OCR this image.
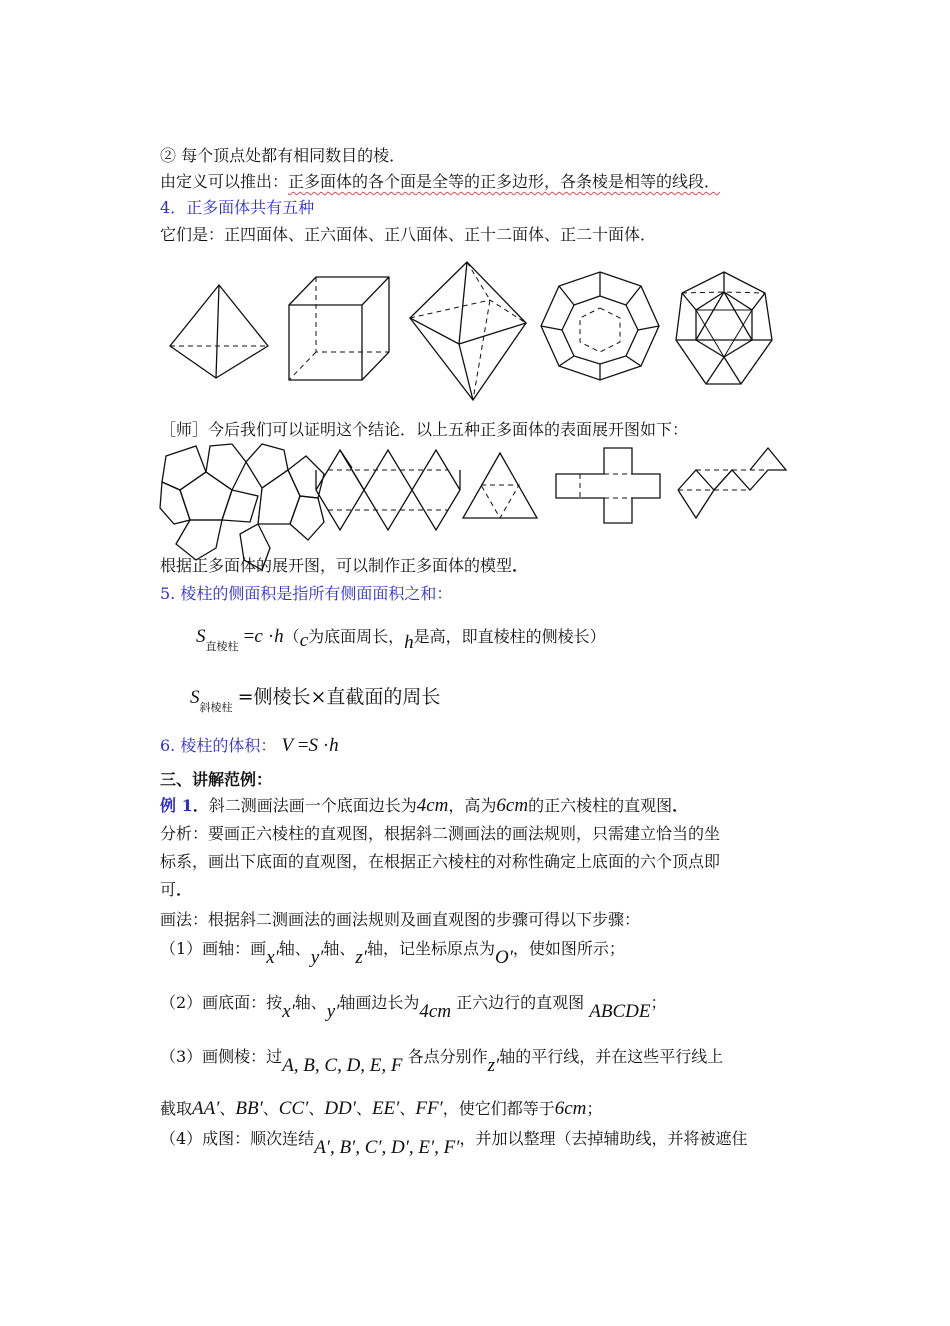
② 每个顶点处都有相同数目的棱．
由定义可以推出：正多面体的各个面是全等的正多边形，各条棱是相等的线段．
4．正多面体共有五种
它们是：正四面体、正六面体、正八面体、正十二面体、正二十面体．
［师］今后我们可以证明这个结论．以上五种正多面体的表面展开图如下：
根据正多面体的展开图，可以制作正多面体的模型．
5. 棱柱的侧面积是指所有侧面面积之和：
$S_{直棱柱} =c \cdot h(c$为底面周长，h是高，即直棱柱的侧棱长）
$S_{斜棱柱}$ =侧棱长×直截面的周长
6. 棱柱的体积： V =S ·h
三、讲解范例：
例 1．斜二测画法画一个底面边长为4cm，高为6cm的正六棱柱的直观图．
分析：要画正六棱柱的直观图，根据斜二测画法的画法规则，只需建立恰当的坐
标系，画出下底面的直观图，在根据正六棱柱的对称性确定上底面的六个顶点即
可．
画法：根据斜二测画法的画法规则及画直观图的步骤可得以下步骤：
（1）画轴：画x′轴、y′轴、z′轴，记坐标原点为O′，使如图所示；
（2）画底面：按x′轴、y′轴画边长为4cm 正六边行的直观图 ABCDE；
（3）画侧棱：过A, B, C, D, E, F 各点分别作z′轴的平行线，并在这些平行线上
截取AA′、BB′、CC′、DD′、EE′、FF′，使它们都等于6cm；
（4）成图：顺次连结A′, B′, C′, D′, E′, F′，并加以整理（去掉辅助线，并将被遮住
